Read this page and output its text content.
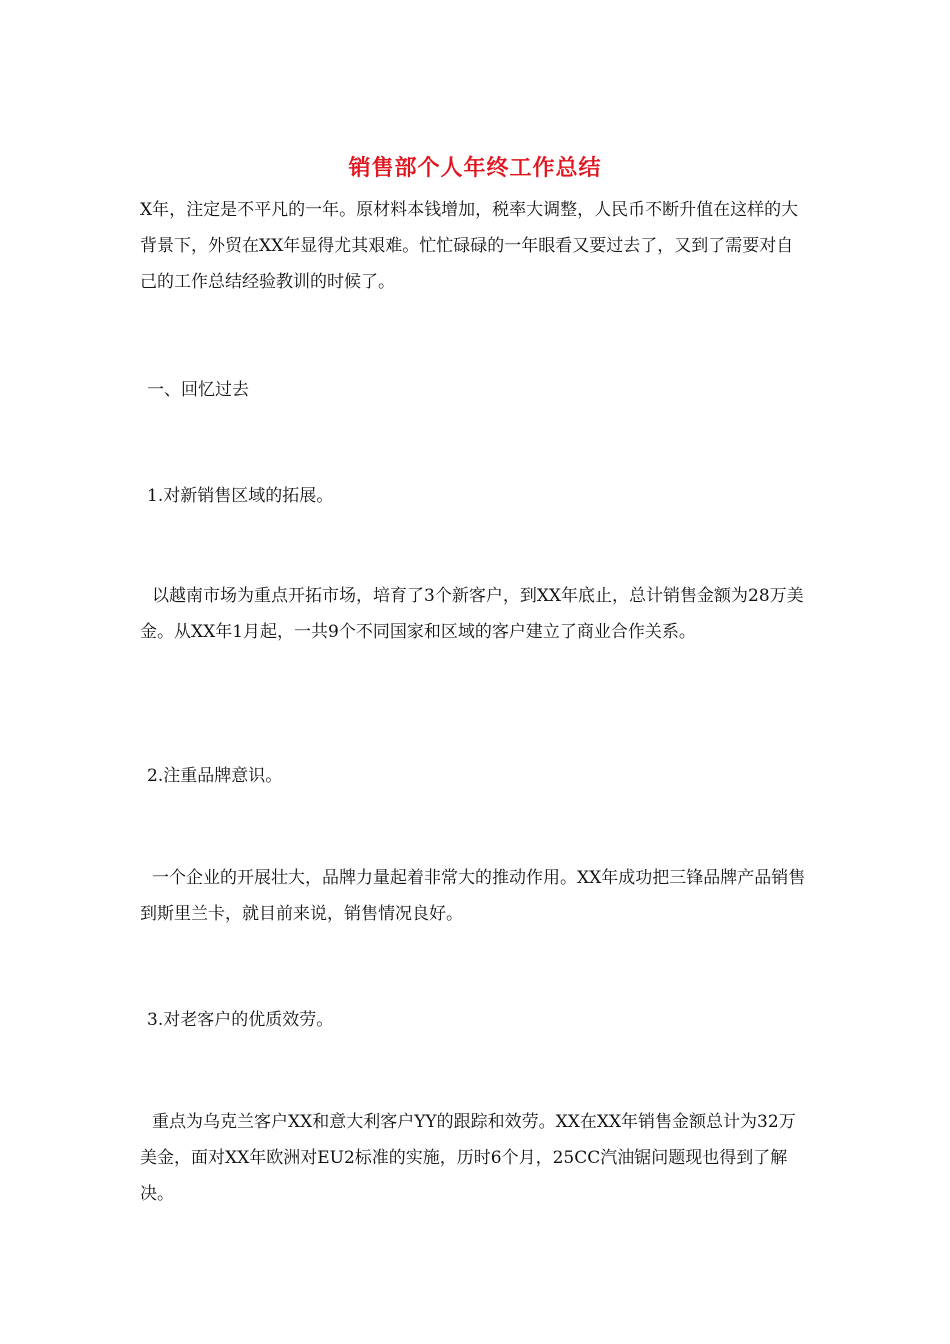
销售部个人年终工作总结

X年，注定是不平凡的一年。原材料本钱增加，税率大调整，人民币不断升值在这样的大背景下，外贸在XX年显得尤其艰难。忙忙碌碌的一年眼看又要过去了，又到了需要对自己的工作总结经验教训的时候了。

一、回忆过去

1.对新销售区域的拓展。

以越南市场为重点开拓市场，培育了3个新客户，到XX年底止，总计销售金额为28万美金。从XX年1月起，一共9个不同国家和区域的客户建立了商业合作关系。

2.注重品牌意识。

一个企业的开展壮大，品牌力量起着非常大的推动作用。XX年成功把三锋品牌产品销售到斯里兰卡，就目前来说，销售情况良好。

3.对老客户的优质效劳。

重点为乌克兰客户XX和意大利客户YY的跟踪和效劳。XX在XX年销售金额总计为32万美金，面对XX年欧洲对EU2标准的实施，历时6个月，25CC汽油锯问题现也得到了解决。
